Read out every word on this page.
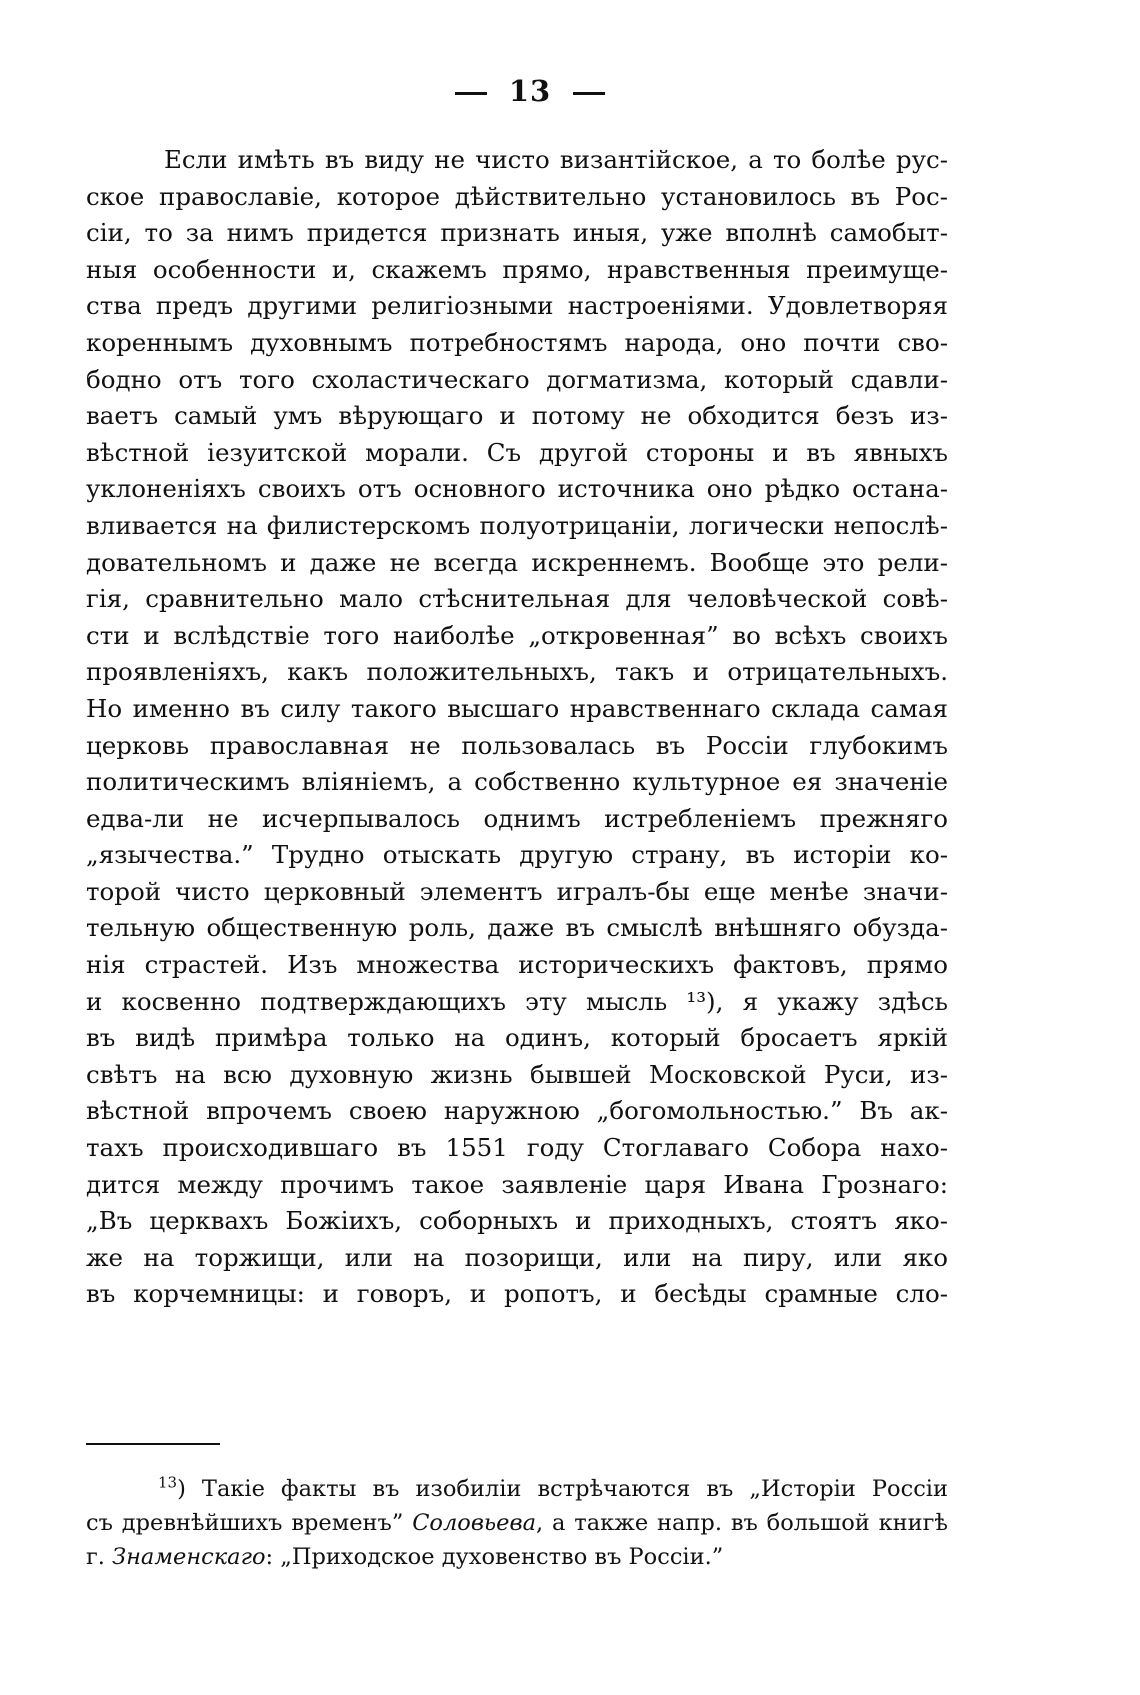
13
Если имѣть въ виду не чисто византійское, а то болѣе рус-
ское православіе, которое дѣйствительно установилось въ Рос-
сіи, то за нимъ придется признать иныя, уже вполнѣ самобыт-
ныя особенности и, скажемъ прямо, нравственныя преимуще-
ства предъ другими религіозными настроеніями. Удовлетворяя
кореннымъ духовнымъ потребностямъ народа, оно почти сво-
бодно отъ того схоластическаго догматизма, который сдавли-
ваетъ самый умъ вѣрующаго и потому не обходится безъ из-
вѣстной іезуитской морали. Съ другой стороны и въ явныхъ
уклоненіяхъ своихъ отъ основного источника оно рѣдко остана-
вливается на филистерскомъ полуотрицаніи, логически непослѣ-
довательномъ и даже не всегда искреннемъ. Вообще это рели-
гія, сравнительно мало стѣснительная для человѣческой совѣ-
сти и вслѣдствіе того наиболѣе „откровенная” во всѣхъ своихъ
проявленіяхъ, какъ положительныхъ, такъ и отрицательныхъ.
Но именно въ силу такого высшаго нравственнаго склада самая
церковь православная не пользовалась въ Россіи глубокимъ
политическимъ вліяніемъ, а собственно культурное ея значеніе
едва-ли не исчерпывалось однимъ истребленіемъ прежняго
„язычества.” Трудно отыскать другую страну, въ исторіи ко-
торой чисто церковный элементъ игралъ-бы еще менѣе значи-
тельную общественную роль, даже въ смыслѣ внѣшняго обузда-
нія страстей. Изъ множества историческихъ фактовъ, прямо
и косвенно подтверждающихъ эту мысль ¹³), я укажу здѣсь
въ видѣ примѣра только на одинъ, который бросаетъ яркій
свѣтъ на всю духовную жизнь бывшей Московской Руси, из-
вѣстной впрочемъ своею наружною „богомольностью.” Въ ак-
тахъ происходившаго въ 1551 году Стоглаваго Собора нахо-
дится между прочимъ такое заявленіе царя Ивана Грознаго:
„Въ церквахъ Божіихъ, соборныхъ и приходныхъ, стоятъ яко-
же на торжищи, или на позорищи, или на пиру, или яко
въ корчемницы: и говоръ, и ропотъ, и бесѣды срамные сло-
$^{13}$) Такіе факты въ изобиліи встрѣчаются въ „Исторіи Россіи
съ древнѣйшихъ временъ” Соловьева, а также напр. въ большой книгѣ
г. Знаменскаго: „Приходское духовенство въ Россіи.”
